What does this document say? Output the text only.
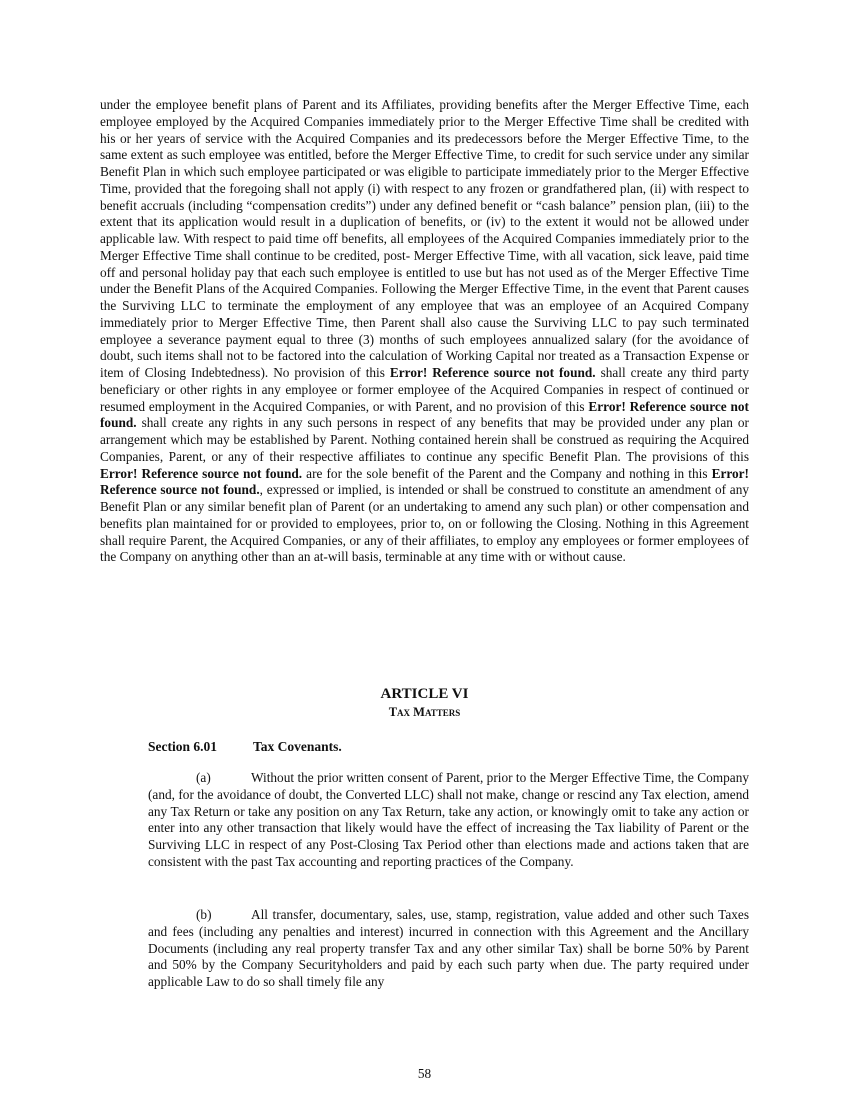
under the employee benefit plans of Parent and its Affiliates, providing benefits after the Merger Effective Time, each employee employed by the Acquired Companies immediately prior to the Merger Effective Time shall be credited with his or her years of service with the Acquired Companies and its predecessors before the Merger Effective Time, to the same extent as such employee was entitled, before the Merger Effective Time, to credit for such service under any similar Benefit Plan in which such employee participated or was eligible to participate immediately prior to the Merger Effective Time, provided that the foregoing shall not apply (i) with respect to any frozen or grandfathered plan, (ii) with respect to benefit accruals (including “compensation credits”) under any defined benefit or “cash balance” pension plan, (iii) to the extent that its application would result in a duplication of benefits, or (iv) to the extent it would not be allowed under applicable law. With respect to paid time off benefits, all employees of the Acquired Companies immediately prior to the Merger Effective Time shall continue to be credited, post- Merger Effective Time, with all vacation, sick leave, paid time off and personal holiday pay that each such employee is entitled to use but has not used as of the Merger Effective Time under the Benefit Plans of the Acquired Companies. Following the Merger Effective Time, in the event that Parent causes the Surviving LLC to terminate the employment of any employee that was an employee of an Acquired Company immediately prior to Merger Effective Time, then Parent shall also cause the Surviving LLC to pay such terminated employee a severance payment equal to three (3) months of such employees annualized salary (for the avoidance of doubt, such items shall not to be factored into the calculation of Working Capital nor treated as a Transaction Expense or item of Closing Indebtedness). No provision of this Error! Reference source not found. shall create any third party beneficiary or other rights in any employee or former employee of the Acquired Companies in respect of continued or resumed employment in the Acquired Companies, or with Parent, and no provision of this Error! Reference source not found. shall create any rights in any such persons in respect of any benefits that may be provided under any plan or arrangement which may be established by Parent. Nothing contained herein shall be construed as requiring the Acquired Companies, Parent, or any of their respective affiliates to continue any specific Benefit Plan. The provisions of this Error! Reference source not found. are for the sole benefit of the Parent and the Company and nothing in this Error! Reference source not found., expressed or implied, is intended or shall be construed to constitute an amendment of any Benefit Plan or any similar benefit plan of Parent (or an undertaking to amend any such plan) or other compensation and benefits plan maintained for or provided to employees, prior to, on or following the Closing. Nothing in this Agreement shall require Parent, the Acquired Companies, or any of their affiliates, to employ any employees or former employees of the Company on anything other than an at-will basis, terminable at any time with or without cause.

ARTICLE VI

Tax Matters

Section 6.01	Tax Covenants.

(a)	Without the prior written consent of Parent, prior to the Merger Effective Time, the Company (and, for the avoidance of doubt, the Converted LLC) shall not make, change or rescind any Tax election, amend any Tax Return or take any position on any Tax Return, take any action, or knowingly omit to take any action or enter into any other transaction that likely would have the effect of increasing the Tax liability of Parent or the Surviving LLC in respect of any Post-Closing Tax Period other than elections made and actions taken that are consistent with the past Tax accounting and reporting practices of the Company.

(b)	All transfer, documentary, sales, use, stamp, registration, value added and other such Taxes and fees (including any penalties and interest) incurred in connection with this Agreement and the Ancillary Documents (including any real property transfer Tax and any other similar Tax) shall be borne 50% by Parent and 50% by the Company Securityholders and paid by each such party when due. The party required under applicable Law to do so shall timely file any

58
